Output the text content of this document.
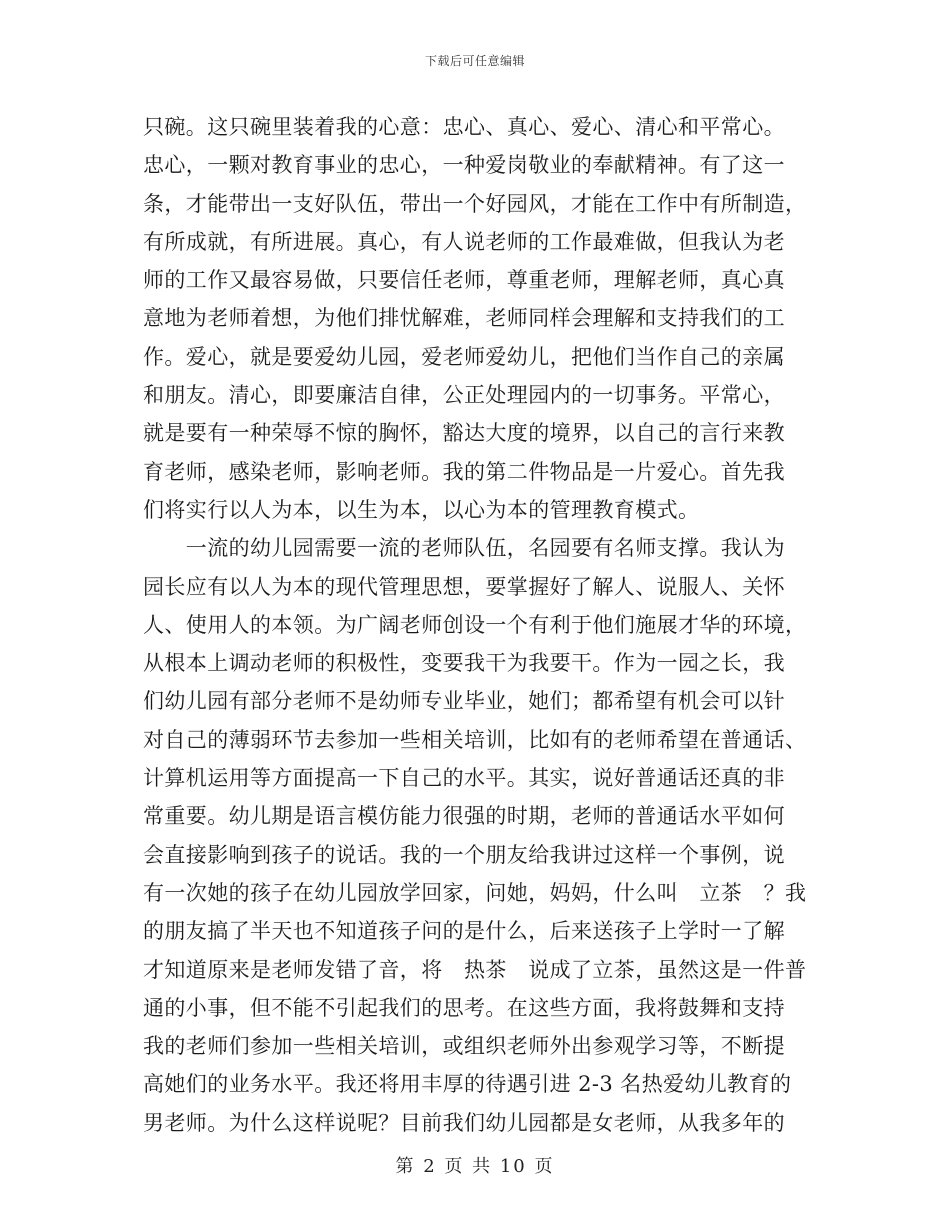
下载后可任意编辑
只碗。这只碗里装着我的心意：忠心、真心、爱心、清心和平常心。
忠心，一颗对教育事业的忠心，一种爱岗敬业的奉献精神。有了这一
条，才能带出一支好队伍，带出一个好园风，才能在工作中有所制造，
有所成就，有所进展。真心，有人说老师的工作最难做，但我认为老
师的工作又最容易做，只要信任老师，尊重老师，理解老师，真心真
意地为老师着想，为他们排忧解难，老师同样会理解和支持我们的工
作。爱心，就是要爱幼儿园，爱老师爱幼儿，把他们当作自己的亲属
和朋友。清心，即要廉洁自律，公正处理园内的一切事务。平常心，
就是要有一种荣辱不惊的胸怀，豁达大度的境界，以自己的言行来教
育老师，感染老师，影响老师。我的第二件物品是一片爱心。首先我
们将实行以人为本，以生为本，以心为本的管理教育模式。
　　一流的幼儿园需要一流的老师队伍，名园要有名师支撑。我认为
园长应有以人为本的现代管理思想，要掌握好了解人、说服人、关怀
人、使用人的本领。为广阔老师创设一个有利于他们施展才华的环境，
从根本上调动老师的积极性，变要我干为我要干。作为一园之长，我
们幼儿园有部分老师不是幼师专业毕业，她们；都希望有机会可以针
对自己的薄弱环节去参加一些相关培训，比如有的老师希望在普通话、
计算机运用等方面提高一下自己的水平。其实，说好普通话还真的非
常重要。幼儿期是语言模仿能力很强的时期，老师的普通话水平如何
会直接影响到孩子的说话。我的一个朋友给我讲过这样一个事例，说
有一次她的孩子在幼儿园放学回家，问她，妈妈，什么叫　立茶　？我
的朋友搞了半天也不知道孩子问的是什么，后来送孩子上学时一了解
才知道原来是老师发错了音，将　热茶　说成了立茶，虽然这是一件普
通的小事，但不能不引起我们的思考。在这些方面，我将鼓舞和支持
我的老师们参加一些相关培训，或组织老师外出参观学习等，不断提
高她们的业务水平。我还将用丰厚的待遇引进 2-3 名热爱幼儿教育的
男老师。为什么这样说呢？目前我们幼儿园都是女老师，从我多年的
第 2 页 共 10 页
